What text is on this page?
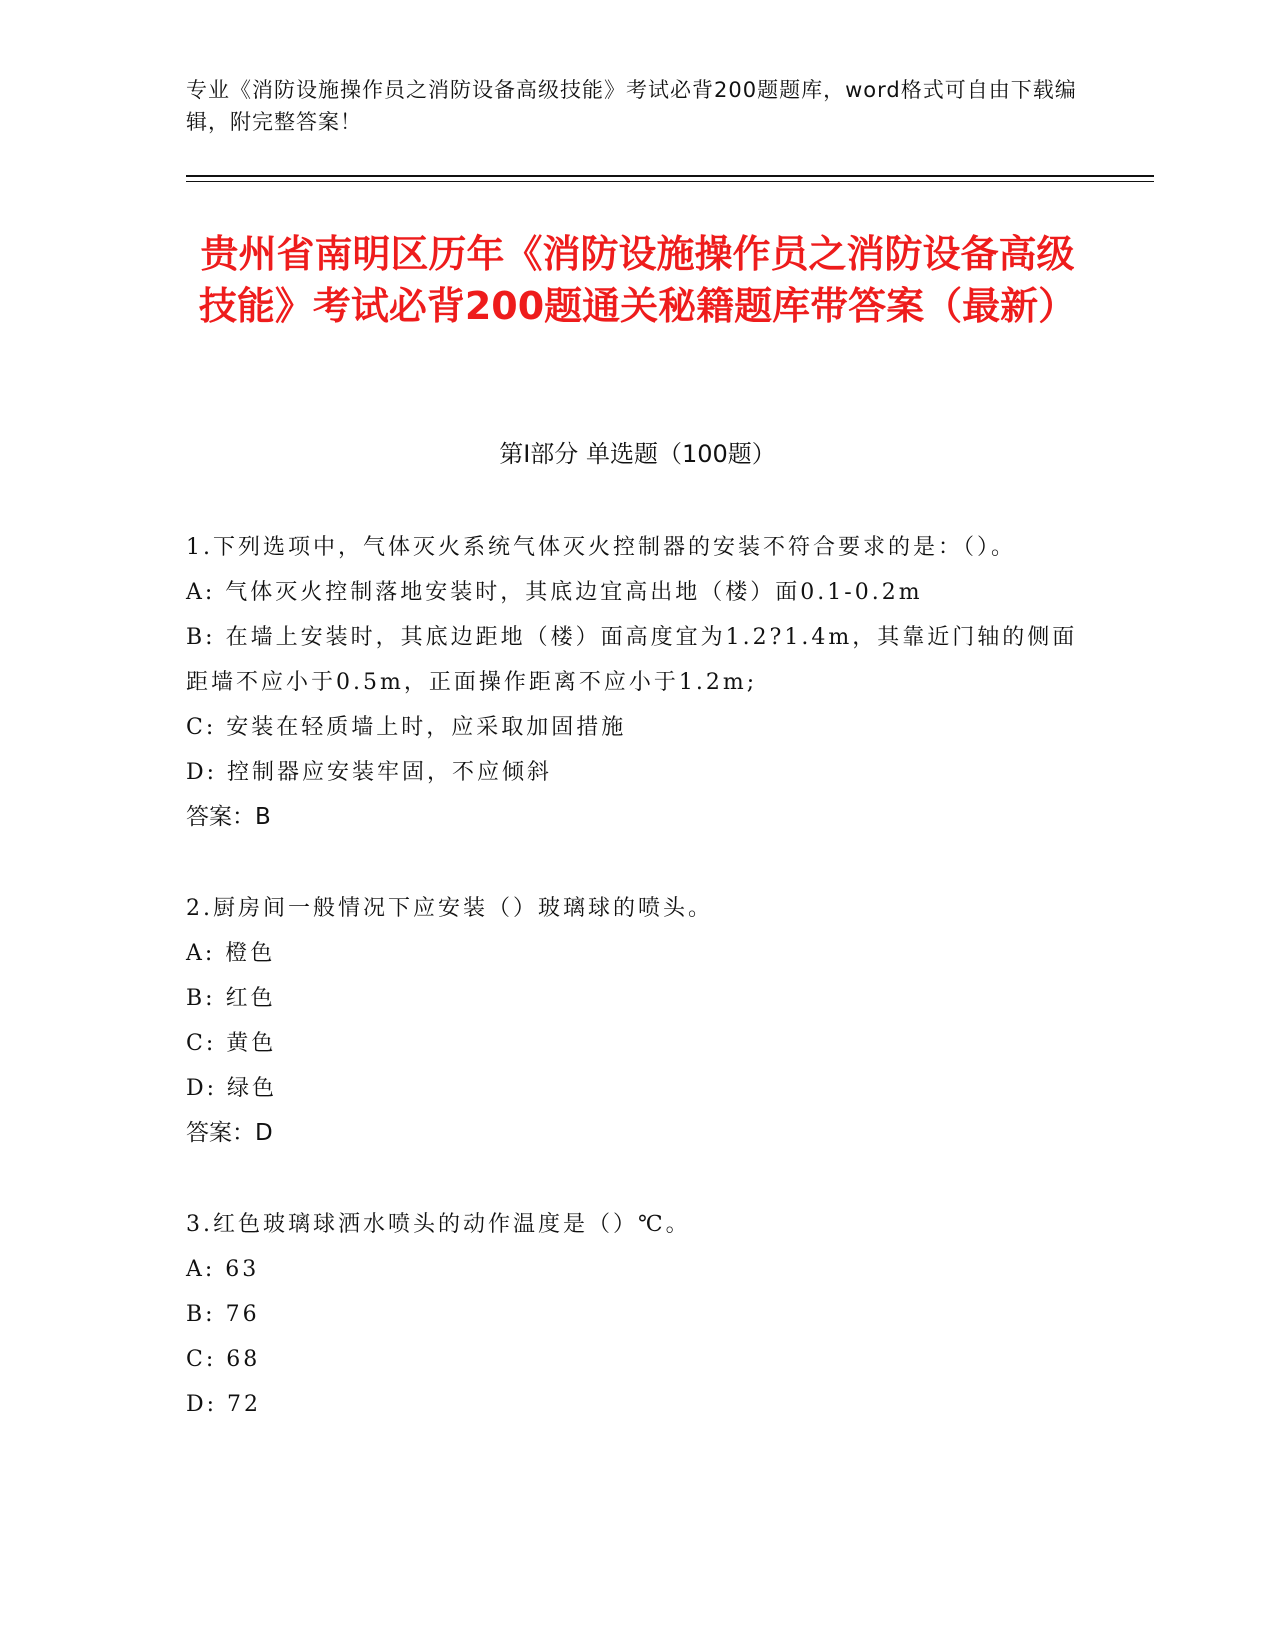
专业《消防设施操作员之消防设备高级技能》考试必背200题题库，word格式可自由下载编辑，附完整答案！
贵州省南明区历年《消防设施操作员之消防设备高级技能》考试必背200题通关秘籍题库带答案（最新）
第Ⅰ部分 单选题（100题）
1.下列选项中，气体灭火系统气体灭火控制器的安装不符合要求的是：（）。
A: 气体灭火控制落地安装时，其底边宜高出地（楼）面0.1-0.2m
B: 在墙上安装时，其底边距地（楼）面高度宜为1.2?1.4m，其靠近门轴的侧面距墙不应小于0.5m，正面操作距离不应小于1.2m;
C: 安装在轻质墙上时，应采取加固措施
D: 控制器应安装牢固，不应倾斜
答案：B
2.厨房间一般情况下应安装（）玻璃球的喷头。
A: 橙色
B: 红色
C: 黄色
D: 绿色
答案：D
3.红色玻璃球洒水喷头的动作温度是（）℃。
A: 63
B: 76
C: 68
D: 72
